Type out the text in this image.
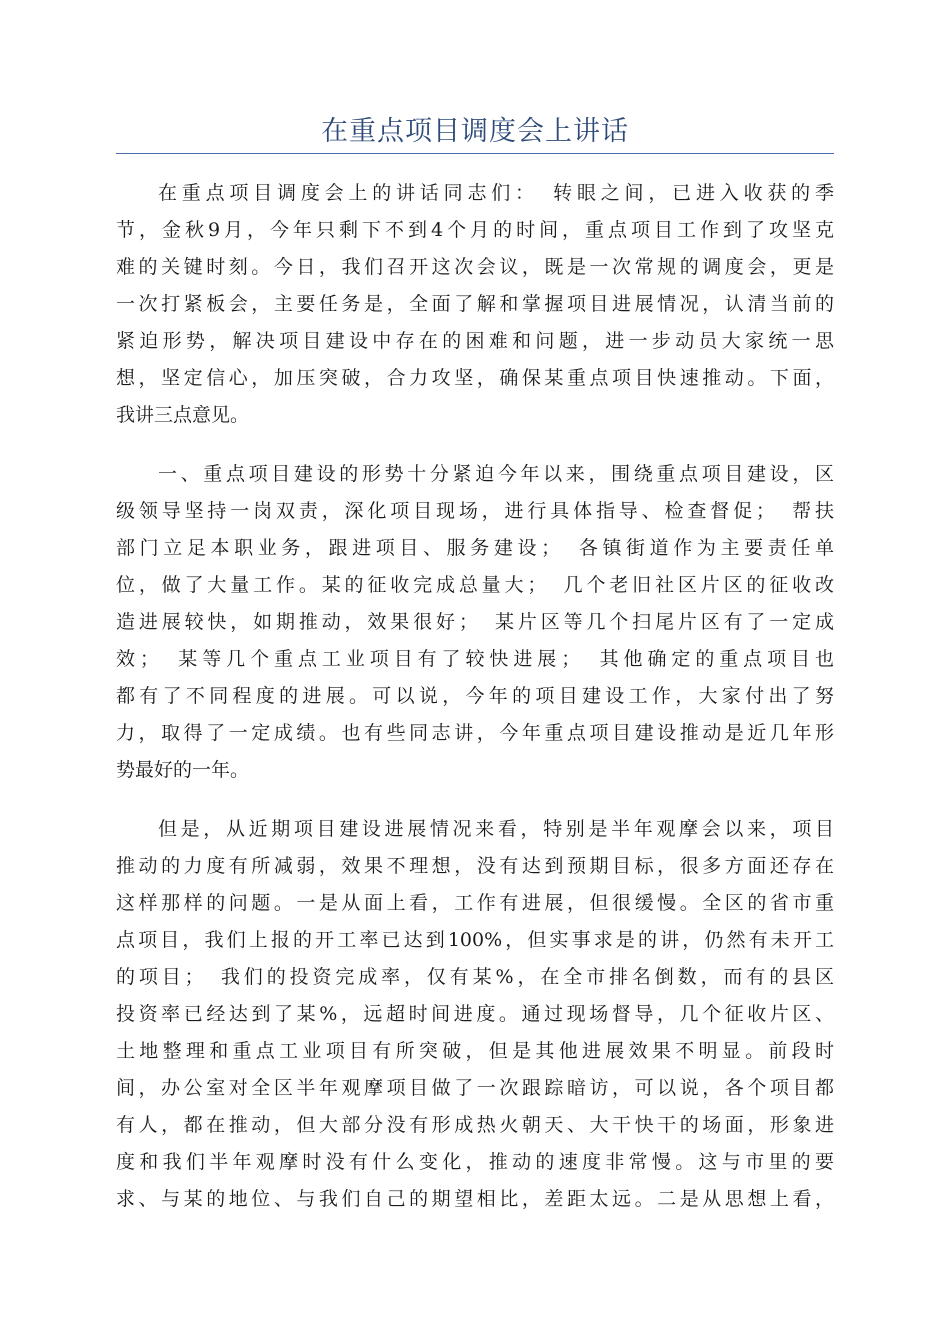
在重点项目调度会上讲话
在重点项目调度会上的讲话同志们：　转眼之间，已进入收获的季
节，金秋9月，今年只剩下不到4个月的时间，重点项目工作到了攻坚克
难的关键时刻。今日，我们召开这次会议，既是一次常规的调度会，更是
一次打紧板会，主要任务是，全面了解和掌握项目进展情况，认清当前的
紧迫形势，解决项目建设中存在的困难和问题，进一步动员大家统一思
想，坚定信心，加压突破，合力攻坚，确保某重点项目快速推动。下面，
我讲三点意见。
一、重点项目建设的形势十分紧迫今年以来，围绕重点项目建设，区
级领导坚持一岗双责，深化项目现场，进行具体指导、检查督促；　帮扶
部门立足本职业务，跟进项目、服务建设；　各镇街道作为主要责任单
位，做了大量工作。某的征收完成总量大；　几个老旧社区片区的征收改
造进展较快，如期推动，效果很好；　某片区等几个扫尾片区有了一定成
效；　某等几个重点工业项目有了较快进展；　其他确定的重点项目也
都有了不同程度的进展。可以说，今年的项目建设工作，大家付出了努
力，取得了一定成绩。也有些同志讲，今年重点项目建设推动是近几年形
势最好的一年。
但是，从近期项目建设进展情况来看，特别是半年观摩会以来，项目
推动的力度有所减弱，效果不理想，没有达到预期目标，很多方面还存在
这样那样的问题。一是从面上看，工作有进展，但很缓慢。全区的省市重
点项目，我们上报的开工率已达到100%，但实事求是的讲，仍然有未开工
的项目；　我们的投资完成率，仅有某%，在全市排名倒数，而有的县区
投资率已经达到了某%，远超时间进度。通过现场督导，几个征收片区、
土地整理和重点工业项目有所突破，但是其他进展效果不明显。前段时
间，办公室对全区半年观摩项目做了一次跟踪暗访，可以说，各个项目都
有人，都在推动，但大部分没有形成热火朝天、大干快干的场面，形象进
度和我们半年观摩时没有什么变化，推动的速度非常慢。这与市里的要
求、与某的地位、与我们自己的期望相比，差距太远。二是从思想上看，
